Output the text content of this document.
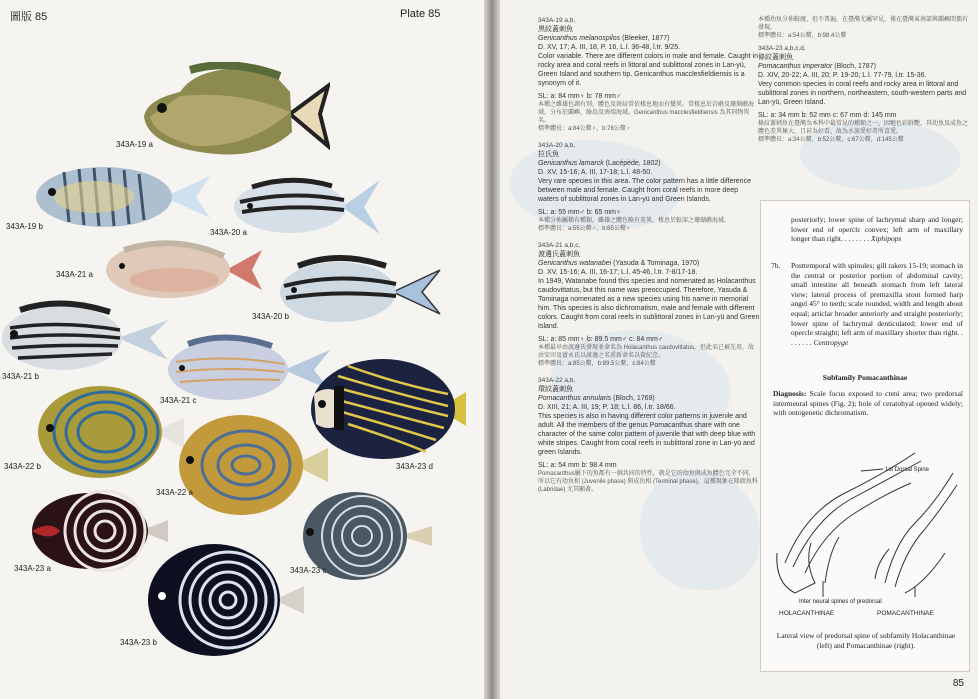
圖版 85	Plate 85
343A-19 a
343A-19 b
343A-20 a
343A-21 a
343A-20 b
343A-21 b
343A-21 c
343A-22 b	343A-23 d
343A-22 a
343A-23 a	343A-23 c
343A-23 b
343A-19 a,b,
黑紋蓋刺魚
Genicanthus melanospilos (Bleeker, 1877)
D. XV, 17; A. III, 18, P. 16, L.l. 36-48, l.tr. 9/25.

Color variable. There are different colors in male and female. Caught in rocky area and coral reefs in littoral and sublittoral zones in Lan-yü, Green Island and southern tip. Genicanthus macclesfieldiensis is a synonym of it.

SL: a: 84 mm♀ b: 78 mm♂
本種之雌雄色調有別，體色及斑紋常依棲息地而有變異。常棲息於岩礁及珊瑚礁海域，分布於蘭嶼、綠島及南端海域。Genicanthus macclesfieldiensis 為其同物異名。

標準體長：a:84公釐♀，b:78公釐♂

343A-20 a,b,
拉氏魚
Genicanthus lamarck (Lacépède, 1802)
D. XV, 15-16; A. III, 17-18; L.l. 48-50.

Very rare species in this area. The color pattern has a little difference between male and female. Caught from coral reefs in more deep waters of sublittoral zones in Lan-yü and Green Islands.

SL: a: 55 mm♂ b: 65 mm♀
本種分佈屬稀有種類，雌雄之體色略有差異，棲息於較深之珊瑚礁海域。

標準體長：a:55公釐♂，b:65公釐♀

343A-21 a,b,c,
渡邊氏蓋刺魚
Genicanthus watanabei (Yasuda & Tominaga, 1970)
D. XV, 15-16; A. III, 16-17; L.l. 45-46, l.tr. 7-8/17-18.

In 1949, Watanabe found this species and nomenated as Holacanthus caudovittatus, but this name was preoccupied. Therefore, Yasuda & Tominaga nomenated as a new species using his name in memorial him. This species is also dichromatism, male and female with different colors. Caught from coral reefs in sublittoral zones in Lan-yü and Green Island.

SL: a: 85 mm♀ b: 89.5 mm♂ c: 84 mm♂
本種最早由渡邊氏發現並命名為 Holacanthus caudovittatus，但此名已被先用，故由安田及富永氏以渡邊之名重新命名以資紀念。

標準體長：a:85公釐，b:89.5公釐，c:84公釐

343A-22 a,b,
環紋蓋刺魚
Pomacanthus annularis (Bloch, 1769)
D. XIII, 21; A. III, 19; P. 18; L.l. 86, l.tr. 18/66.

This species is also in having different color patterns in juvenile and adult. All the members of the genus Pomacanthus share with one character of the same color pattern of juvenile that with deep blue with white stripes. Caught from coral reefs in sublittoral zone in Lan-yü and green Islands.

SL: a: 54 mm b: 98.4 mm
Pomacanthus屬下的魚都有一個共同的特性，就是它的幼魚與成魚體色完全不同，所以它有幼魚相 (Juvenile phase) 與成魚相 (Terminal phase)，這種現象在隆頭魚科 (Labridae) 尤其顯著。
本種幼魚分佈較廣，但不普遍，在臺灣尤屬罕見，僅在臺灣東南部與蘭嶼間偶有發現。

標準體長：a:54公釐，b:98.4公釐

343A-23 a,b,c,d,
條紋蓋刺魚
Pomacanthus imperator (Bloch, 1787)
D. XIV, 20-22; A. III, 20; P. 19-20; L.l. 77-79, l.tr. 15-36.

Very common species in coral reefs and rocky area in littoral and sublittoral zones in northern, northeastern, south-western parts and Lan-yü, Green Island.

SL: a: 34 mm b: 52 mm c: 67 mm d: 145 mm
條紋蓋刺魚在臺灣為本科中最常見的種類之一，因牠色彩鮮艷，其幼魚及成魚之體色差異極大，且甚為好看，故為水族愛好者所喜愛。

標準體長：a:34公釐，b:52公釐，c:67公釐，d:145公釐

posteriorly; lower spine of lachrymal sharp and longer; lower end of operclε convex; left arm of maxillary longer than right. . . . . . . . Xiphipops
7b. Posttemporal with spinules; gill rakers 15-19; stomach in the central or posterior portion of abdominal cavity; small intestine all beneath stomach from left lateral view; lateral process of premaxilla stout formed harp angel 45° to teeth; scale rounded, width and length about equal; articlar broader anteriorly and straight posteriorly; lower spine of lachrymal denticulated; lower end of opercle straight; left arm of maxillary shorter than right. . . . . . . . Centropyge
Subfamily Pomacanthinae
Diagnosis: Scale focus exposed to cteni area; two predorsal intermeural spines (Fig. 2); hole of ceratohyal opened widely; with ontogenetic dichromatism.
1st Dorsal Spine
Inter neural spines of predorsal
HOLACANTHINAE	POMACANTHINAE
Lateral view of predorsal spine of subfamily Holacanthinae (left) and Pomacanthinae (right).
85
